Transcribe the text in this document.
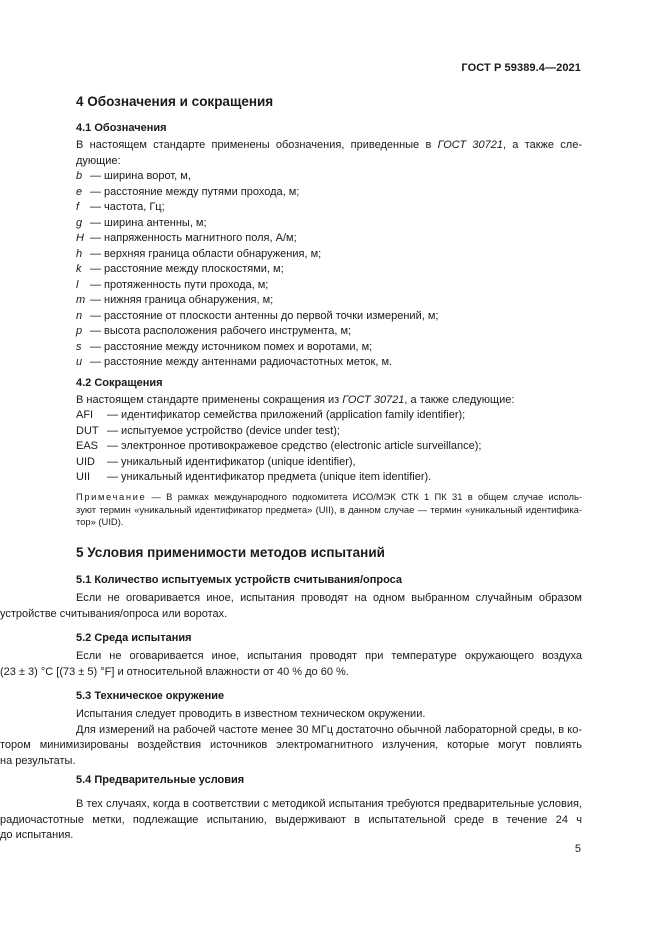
ГОСТ Р 59389.4—2021
4 Обозначения и сокращения
4.1 Обозначения
В настоящем стандарте применены обозначения, приведенные в ГОСТ 30721, а также сле-
дующие:
b — ширина ворот, м,
e — расстояние между путями прохода, м;
f — частота, Гц;
g — ширина антенны, м;
H — напряженность магнитного поля, А/м;
h — верхняя граница области обнаружения, м;
k — расстояние между плоскостями, м;
l — протяженность пути прохода, м;
m — нижняя граница обнаружения, м;
n — расстояние от плоскости антенны до первой точки измерений, м;
p — высота расположения рабочего инструмента, м;
s — расстояние между источником помех и воротами, м;
u — расстояние между антеннами радиочастотных меток, м.
4.2 Сокращения
В настоящем стандарте применены сокращения из ГОСТ 30721, а также следующие:
AFI — идентификатор семейства приложений (application family identifier);
DUT — испытуемое устройство (device under test);
EAS — электронное противокражевое средство (electronic article surveillance);
UID — уникальный идентификатор (unique identifier),
UII — уникальный идентификатор предмета (unique item identifier).
Примечание — В рамках международного подкомитета ИСО/МЭК СТК 1 ПК 31 в общем случае исполь-
зуют термин «уникальный идентификатор предмета» (UII), в данном случае — термин «уникальный идентифика-
тор» (UID).
5 Условия применимости методов испытаний
5.1 Количество испытуемых устройств считывания/опроса
Если не оговаривается иное, испытания проводят на одном выбранном случайным образом
устройстве считывания/опроса или воротах.
5.2 Среда испытания
Если не оговаривается иное, испытания проводят при температуре окружающего воздуха
(23 ± 3) °С [(73 ± 5) °F] и относительной влажности от 40 % до 60 %.
5.3 Техническое окружение
Испытания следует проводить в известном техническом окружении.
Для измерений на рабочей частоте менее 30 МГц достаточно обычной лабораторной среды, в ко-
тором минимизированы воздействия источников электромагнитного излучения, которые могут повлиять
на результаты.
5.4 Предварительные условия
В тех случаях, когда в соответствии с методикой испытания требуются предварительные условия,
радиочастотные метки, подлежащие испытанию, выдерживают в испытательной среде в течение 24 ч
до испытания.
5
